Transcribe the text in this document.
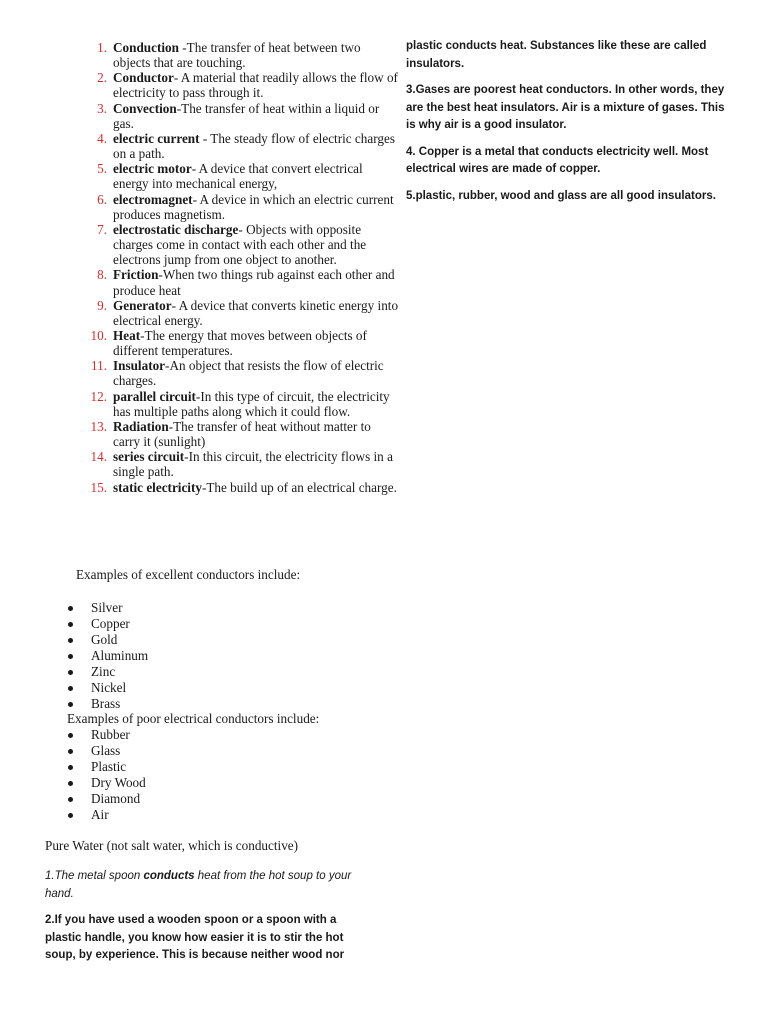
1. Conduction -The transfer of heat between two objects that are touching.
2. Conductor- A material that readily allows the flow of electricity to pass through it.
3. Convection-The transfer of heat within a liquid or gas.
4. electric current - The steady flow of electric charges on a path.
5. electric motor- A device that convert electrical energy into mechanical energy,
6. electromagnet- A device in which an electric current produces magnetism.
7. electrostatic discharge- Objects with opposite charges come in contact with each other and the electrons jump from one object to another.
8. Friction-When two things rub against each other and produce heat
9. Generator- A device that converts kinetic energy into electrical energy.
10. Heat-The energy that moves between objects of different temperatures.
11. Insulator-An object that resists the flow of electric charges.
12. parallel circuit-In this type of circuit, the electricity has multiple paths along which it could flow.
13. Radiation-The transfer of heat without matter to carry it (sunlight)
14. series circuit-In this circuit, the electricity flows in a single path.
15. static electricity-The build up of an electrical charge.
Examples of excellent conductors include:
Silver
Copper
Gold
Aluminum
Zinc
Nickel
Brass
Examples of poor electrical conductors include:
Rubber
Glass
Plastic
Dry Wood
Diamond
Air
Pure Water (not salt water, which is conductive)
1.The metal spoon conducts heat from the hot soup to your hand.
2.If you have used a wooden spoon or a spoon with a plastic handle, you know how easier it is to stir the hot soup, by experience. This is because neither wood nor

plastic conducts heat. Substances like these are called insulators.

3.Gases are poorest heat conductors. In other words, they are the best heat insulators. Air is a mixture of gases. This is why air is a good insulator.

4. Copper is a metal that conducts electricity well. Most electrical wires are made of copper.

5.plastic, rubber, wood and glass are all good insulators.
